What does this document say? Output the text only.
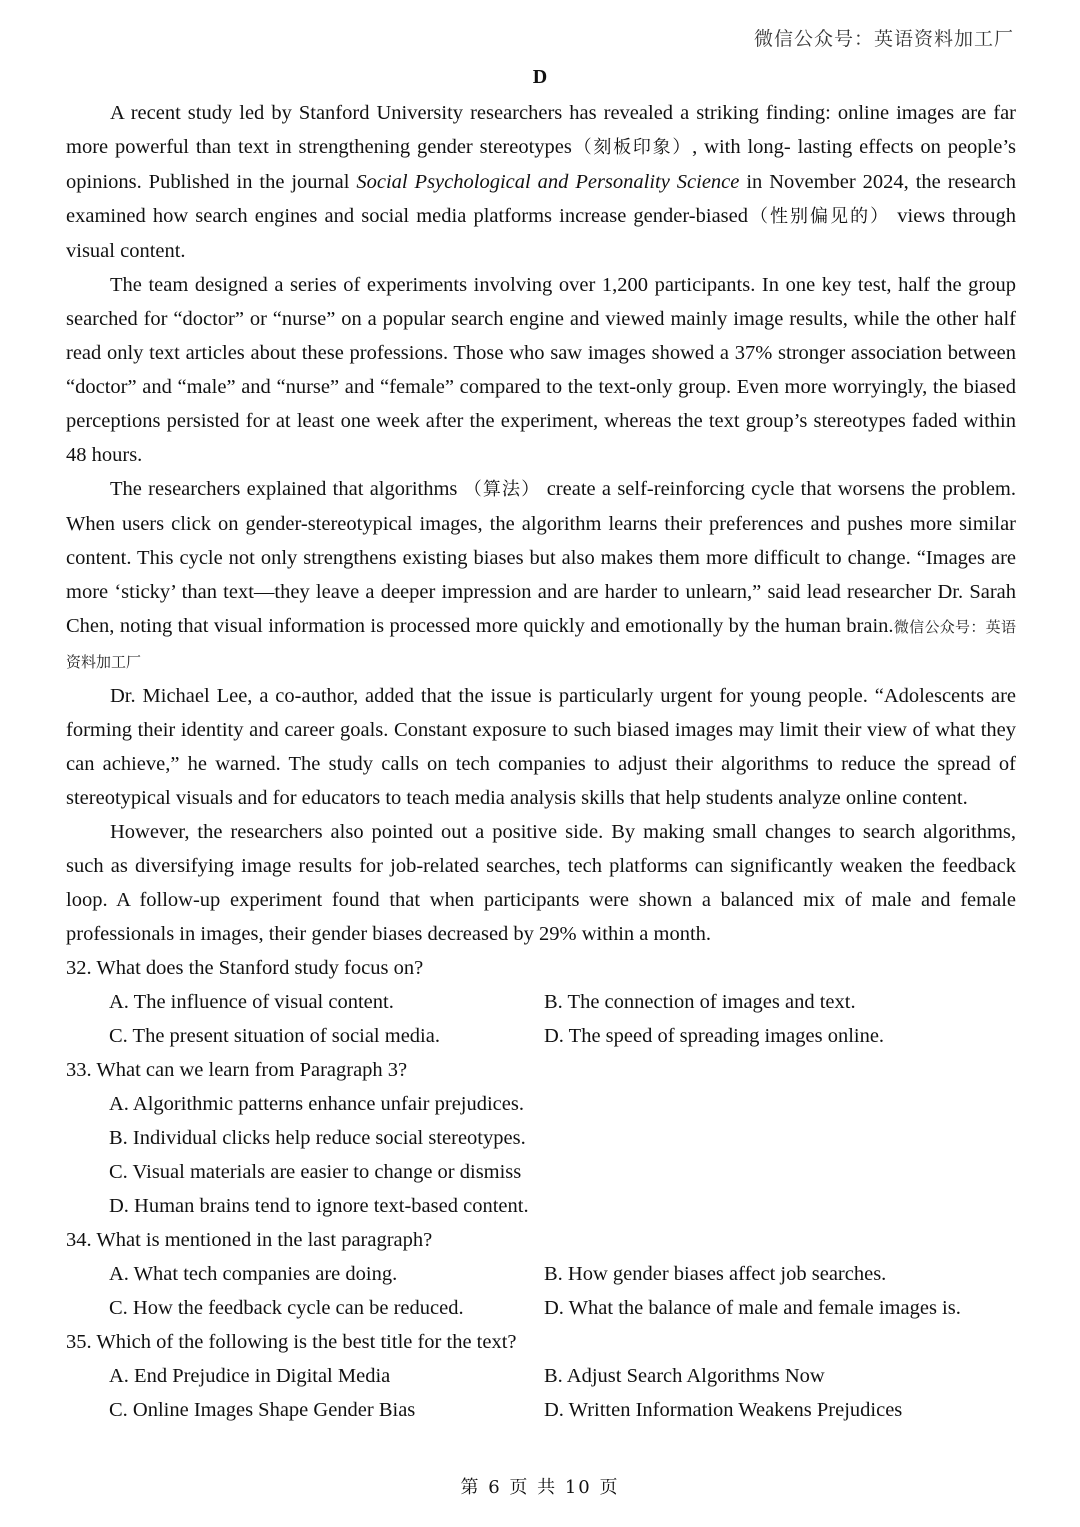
微信公众号：英语资料加工厂
D

A recent study led by Stanford University researchers has revealed a striking finding: online images are far more powerful than text in strengthening gender stereotypes（刻板印象）, with long- lasting effects on people’s opinions. Published in the journal Social Psychological and Personality Science in November 2024, the research examined how search engines and social media platforms increase gender-biased（性别偏见的） views through visual content.

The team designed a series of experiments involving over 1,200 participants. In one key test, half the group searched for “doctor” or “nurse” on a popular search engine and viewed mainly image results, while the other half read only text articles about these professions. Those who saw images showed a 37% stronger association between “doctor” and “male” and “nurse” and “female” compared to the text-only group. Even more worryingly, the biased perceptions persisted for at least one week after the experiment, whereas the text group’s stereotypes faded within 48 hours.

The researchers explained that algorithms （算法） create a self-reinforcing cycle that worsens the problem. When users click on gender-stereotypical images, the algorithm learns their preferences and pushes more similar content. This cycle not only strengthens existing biases but also makes them more difficult to change. “Images are more ‘sticky’ than text—they leave a deeper impression and are harder to unlearn,” said lead researcher Dr. Sarah Chen, noting that visual information is processed more quickly and emotionally by the human brain.微信公众号：英语资料加工厂

Dr. Michael Lee, a co-author, added that the issue is particularly urgent for young people. “Adolescents are forming their identity and career goals. Constant exposure to such biased images may limit their view of what they can achieve,” he warned. The study calls on tech companies to adjust their algorithms to reduce the spread of stereotypical visuals and for educators to teach media analysis skills that help students analyze online content.

However, the researchers also pointed out a positive side. By making small changes to search algorithms, such as diversifying image results for job-related searches, tech platforms can significantly weaken the feedback loop. A follow-up experiment found that when participants were shown a balanced mix of male and female professionals in images, their gender biases decreased by 29% within a month.

32. What does the Stanford study focus on?

A. The influence of visual content.	B. The connection of images and text.
C. The present situation of social media.	D. The speed of spreading images online.

33. What can we learn from Paragraph 3?

A. Algorithmic patterns enhance unfair prejudices.
B. Individual clicks help reduce social stereotypes.
C. Visual materials are easier to change or dismiss
D. Human brains tend to ignore text-based content.

34. What is mentioned in the last paragraph?

A. What tech companies are doing.	B. How gender biases affect job searches.
C. How the feedback cycle can be reduced.	D. What the balance of male and female images is.

35. Which of the following is the best title for the text?

A. End Prejudice in Digital Media	B. Adjust Search Algorithms Now
C. Online Images Shape Gender Bias	D. Written Information Weakens Prejudices
第 6 页 共 10 页
